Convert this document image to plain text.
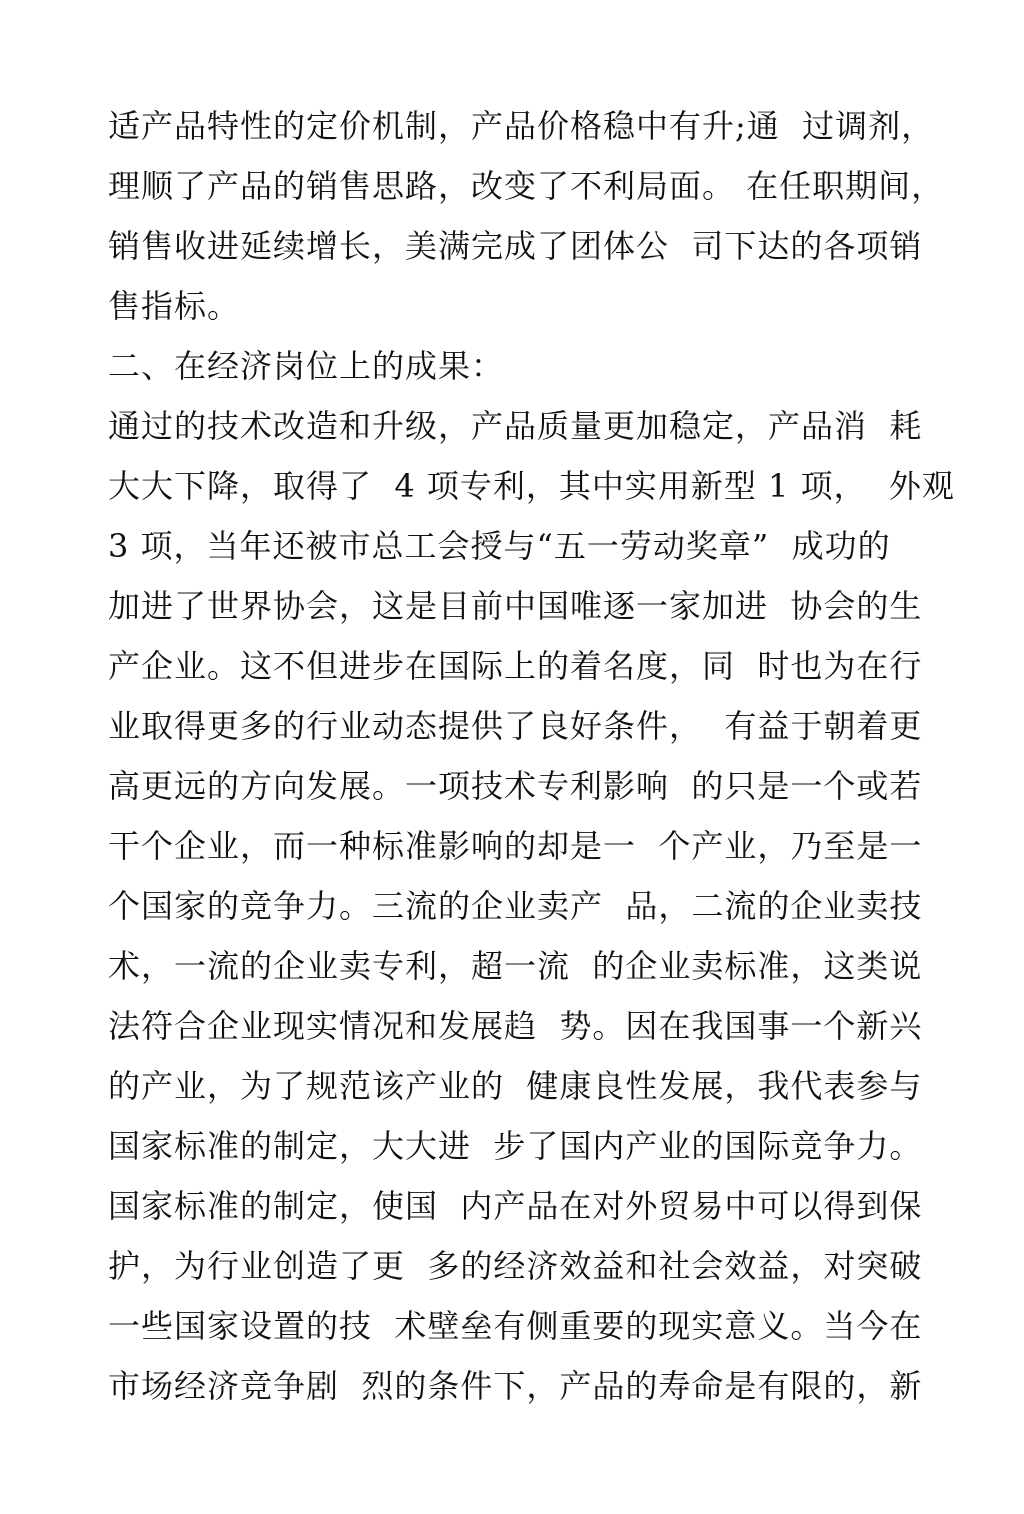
适产品特性的定价机制，产品价格稳中有升;通  过调剂，
理顺了产品的销售思路，改变了不利局面。 在任职期间，
销售收进延续增长，美满完成了团体公  司下达的各项销
售指标。
二、在经济岗位上的成果：
通过的技术改造和升级，产品质量更加稳定，产品消  耗
大大下降，取得了  4 项专利，其中实用新型 1 项，  外观
3 项，当年还被市总工会授与“五一劳动奖章”  成功的
加进了世界协会，这是目前中国唯逐一家加进  协会的生
产企业。这不但进步在国际上的着名度，同  时也为在行
业取得更多的行业动态提供了良好条件，  有益于朝着更
高更远的方向发展。一项技术专利影响  的只是一个或若
干个企业，而一种标准影响的却是一  个产业，乃至是一
个国家的竞争力。三流的企业卖产  品，二流的企业卖技
术，一流的企业卖专利，超一流  的企业卖标准，这类说
法符合企业现实情况和发展趋  势。因在我国事一个新兴
的产业，为了规范该产业的  健康良性发展，我代表参与
国家标准的制定，大大进  步了国内产业的国际竞争力。
国家标准的制定，使国  内产品在对外贸易中可以得到保
护，为行业创造了更  多的经济效益和社会效益，对突破
一些国家设置的技  术壁垒有侧重要的现实意义。当今在
市场经济竞争剧  烈的条件下，产品的寿命是有限的，新
